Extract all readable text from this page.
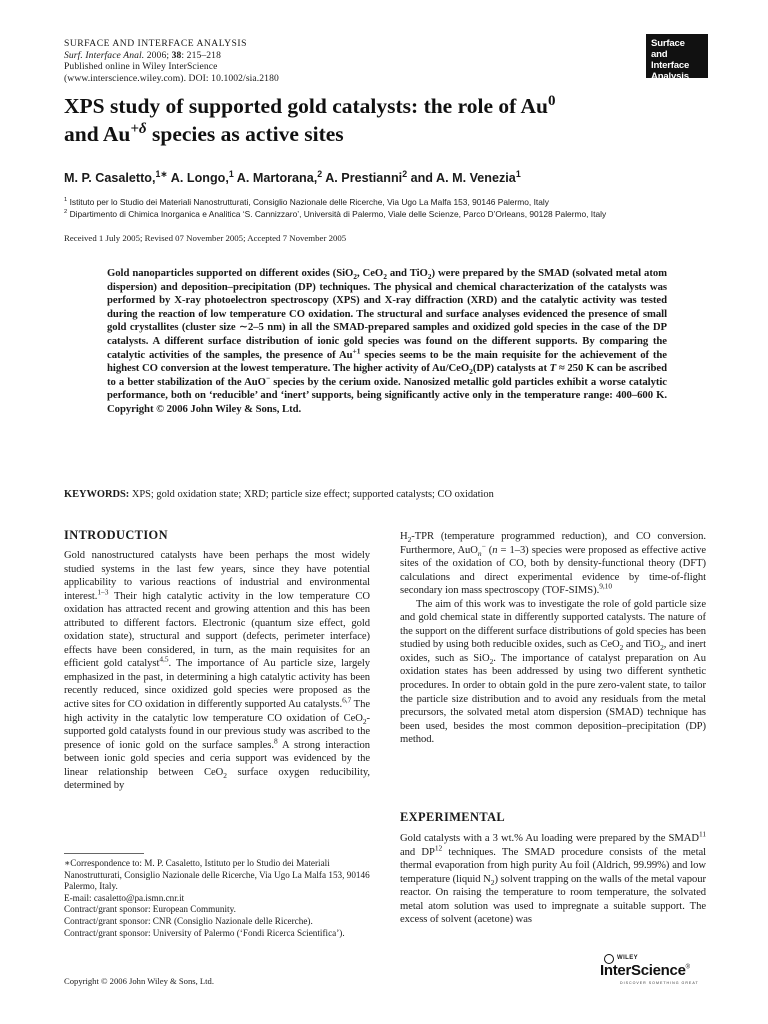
SURFACE AND INTERFACE ANALYSIS
Surf. Interface Anal. 2006; 38: 215–218
Published online in Wiley InterScience
(www.interscience.wiley.com). DOI: 10.1002/sia.2180
Surface and
Interface
Analysis
XPS study of supported gold catalysts: the role of Au$^0$
and $Au^{+\delta}$ species as active sites
M. P. Casaletto,$^{1∗}$ A. Longo,$^1$ A. Martorana,$^2$ A. Prestianni$^2$ and A. M. Venezia$^1$
$^1$ Istituto per lo Studio dei Materiali Nanostrutturati, Consiglio Nazionale delle Ricerche, Via Ugo La Malfa 153, 90146 Palermo, Italy
$^2$ Dipartimento di Chimica Inorganica e Analitica ‘S. Cannizzaro’, Università di Palermo, Viale delle Scienze, Parco D’Orleans, 90128 Palermo, Italy
Received 1 July 2005; Revised 07 November 2005; Accepted 7 November 2005
Gold nanoparticles supported on different oxides (SiO$_2$, CeO$_2$ and TiO$_2$) were prepared by the SMAD (solvated metal atom dispersion) and deposition–precipitation (DP) techniques. The physical and chemical characterization of the catalysts was performed by X-ray photoelectron spectroscopy (XPS) and X-ray diffraction (XRD) and the catalytic activity was tested during the reaction of low temperature CO oxidation. The structural and surface analyses evidenced the presence of small gold crystallites (cluster size ∼2–5 nm) in all the SMAD-prepared samples and oxidized gold species in the case of the DP catalysts. A different surface distribution of ionic gold species was found on the different supports. By comparing the catalytic activities of the samples, the presence of $Au^{+1}$ species seems to be the main requisite for the achievement of the highest CO conversion at the lowest temperature. The higher activity of Au/CeO$_2$(DP) catalysts at T ≈ 250 K can be ascribed to a better stabilization of the AuO− species by the cerium oxide. Nanosized metallic gold particles exhibit a worse catalytic performance, both on ‘reducible’ and ‘inert’ supports, being significantly active only in the temperature range: 400–600 K. Copyright © 2006 John Wiley & Sons, Ltd.
KEYWORDS: XPS; gold oxidation state; XRD; particle size effect; supported catalysts; CO oxidation
INTRODUCTION

Gold nanostructured catalysts have been perhaps the most widely studied systems in the last few years, since they have potential applicability to various reactions of industrial and environmental interest.$^{1-3}$ Their high catalytic activity in the low temperature CO oxidation has attracted recent and growing attention and this has been attributed to different factors. Electronic (quantum size effect, gold oxidation state), structural and support (defects, perimeter interface) effects have been considered, in turn, as the main requisites for an efficient gold catalyst$^{4,5}$. The importance of Au particle size, largely emphasized in the past, in determining a high catalytic activity has been recently reduced, since oxidized gold species were proposed as the active sites for CO oxidation in differently supported Au catalysts.$^{6,7}$ The high activity in the catalytic low temperature CO oxidation of CeO$_2$-supported gold catalysts found in our previous study was ascribed to the presence of ionic gold on the surface samples.$^8$ A strong interaction between ionic gold species and ceria support was evidenced by the linear relationship between CeO$_2$ surface oxygen reducibility, determined by

∗Correspondence to: M. P. Casaletto, Istituto per lo Studio dei Materiali Nanostrutturati, Consiglio Nazionale delle Ricerche, Via Ugo La Malfa 153, 90146 Palermo, Italy.

E-mail: casaletto@pa.ismn.cnr.it

Contract/grant sponsor: European Community.

Contract/grant sponsor: CNR (Consiglio Nazionale delle Ricerche).

Contract/grant sponsor: University of Palermo (‘Fondi Ricerca Scientifica’).

$H_2$-TPR (temperature programmed reduction), and CO conversion. Furthermore, AuO$_n$− (n = 1–3) species were proposed as effective active sites of the oxidation of CO, both by density-functional theory (DFT) calculations and direct experimental evidence by time-of-flight secondary ion mass spectroscopy (TOF-SIMS).$^{9,10}$

The aim of this work was to investigate the role of gold particle size and gold chemical state in differently supported catalysts. The nature of the support on the different surface distributions of gold species has been studied by using both reducible oxides, such as CeO$_2$ and TiO$_2$, and inert oxides, such as SiO$_2$. The importance of catalyst preparation on Au oxidation states has been addressed by using two different synthetic procedures. In order to obtain gold in the pure zero-valent state, to tailor the particle size distribution and to avoid any residuals from the metal precursors, the solvated metal atom dispersion (SMAD) technique has been used, besides the most common deposition–precipitation (DP) method.

EXPERIMENTAL

Gold catalysts with a 3 wt.% Au loading were prepared by the SMAD$^{11}$ and DP$^{12}$ techniques. The SMAD procedure consists of the metal thermal evaporation from high purity Au foil (Aldrich, 99.99%) and low temperature (liquid $N_2$) solvent trapping on the walls of the metal vapour reactor. On raising the temperature to room temperature, the solvated metal atom solution was used to impregnate a suitable support. The excess of solvent (acetone) was

Copyright © 2006 John Wiley & Sons, Ltd.
WILEY
InterScience®
DISCOVER SOMETHING GREAT
